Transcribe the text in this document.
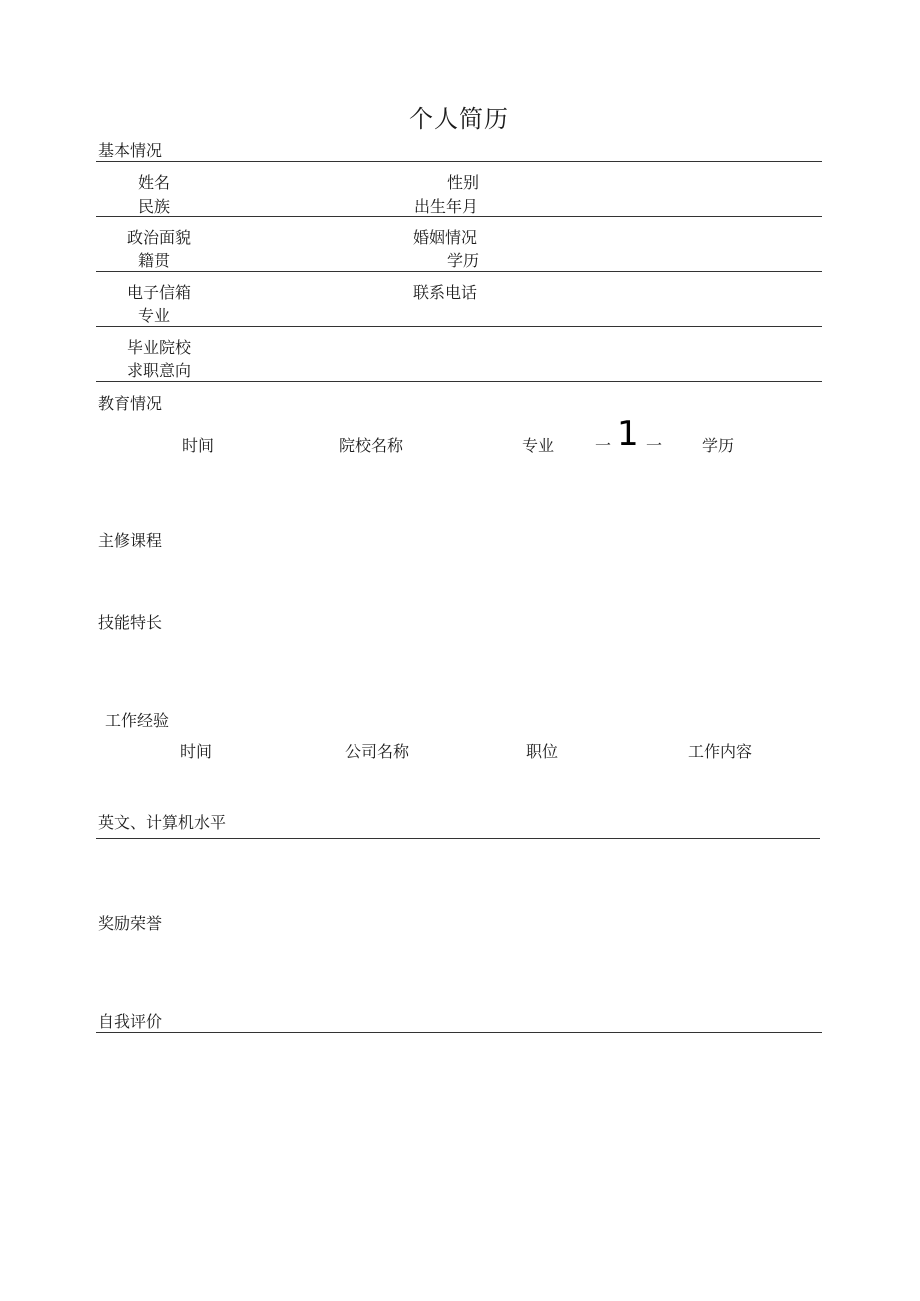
个人简历
基本情况
姓名	性别
民族	出生年月
政治面貌	婚姻情况
籍贯	学历
电子信箱	联系电话
专业
毕业院校
求职意向
教育情况
时间	院校名称	专业	一 1 一 学历
主修课程
技能特长
工作经验
时间	公司名称	职位	工作内容
英文、计算机水平
奖励荣誉
自我评价
